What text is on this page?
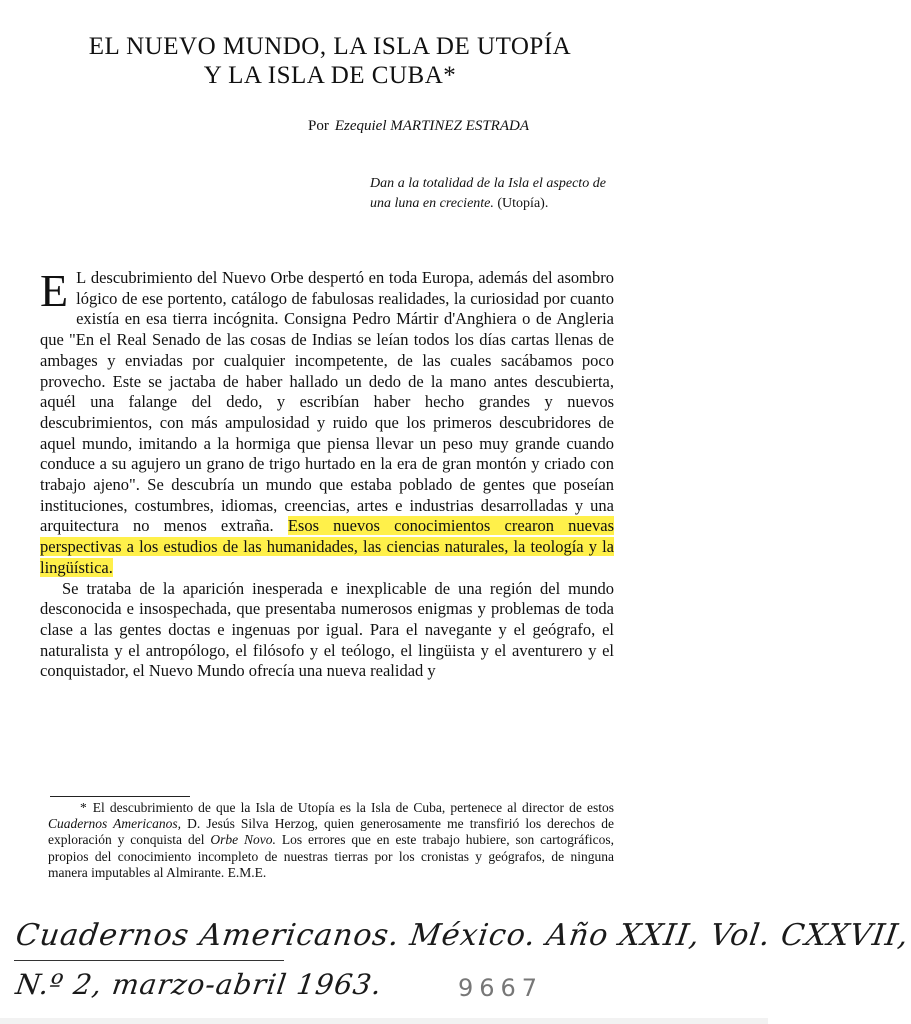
EL NUEVO MUNDO, LA ISLA DE UTOPÍA
Y LA ISLA DE CUBA*
Por Ezequiel MARTINEZ ESTRADA
Dan a la totalidad de la Isla el aspecto de una luna en creciente. (Utopía).

E L descubrimiento del Nuevo Orbe despertó en toda Europa, además del asombro lógico de ese portento, catálogo de fabulosas realidades, la curiosidad por cuanto existía en esa tierra incógnita. Consigna Pedro Mártir d'Anghiera o de Angleria que "En el Real Senado de las cosas de Indias se leían todos los días cartas llenas de ambages y enviadas por cualquier incompetente, de las cuales sacábamos poco provecho. Este se jactaba de haber hallado un dedo de la mano antes descubierta, aquél una falange del dedo, y escribían haber hecho grandes y nuevos descubrimientos, con más ampulosidad y ruido que los primeros descubridores de aquel mundo, imitando a la hormiga que piensa llevar un peso muy grande cuando conduce a su agujero un grano de trigo hurtado en la era de gran montón y criado con trabajo ajeno". Se descubría un mundo que estaba poblado de gentes que poseían instituciones, costumbres, idiomas, creencias, artes e industrias desarrolladas y una arquitectura no menos extraña. Esos nuevos conocimientos crearon nuevas perspectivas a los estudios de las humanidades, las ciencias naturales, la teología y la lingüística.

Se trataba de la aparición inesperada e inexplicable de una región del mundo desconocida e insospechada, que presentaba numerosos enigmas y problemas de toda clase a las gentes doctas e ingenuas por igual. Para el navegante y el geógrafo, el naturalista y el antropólogo, el filósofo y el teólogo, el lingüista y el aventurero y el conquistador, el Nuevo Mundo ofrecía una nueva realidad y

* El descubrimiento de que la Isla de Utopía es la Isla de Cuba, pertenece al director de estos Cuadernos Americanos, D. Jesús Silva Herzog, quien generosamente me transfirió los derechos de exploración y conquista del Orbe Novo. Los errores que en este trabajo hubiere, son cartográficos, propios del conocimiento incompleto de nuestras tierras por los cronistas y geógrafos, de ninguna manera imputables al Almirante. E.M.E.
Cuadernos Americanos. México. Año XXII, Vol. CXXVII,
N.º 2, marzo-abril 1963.	9667
